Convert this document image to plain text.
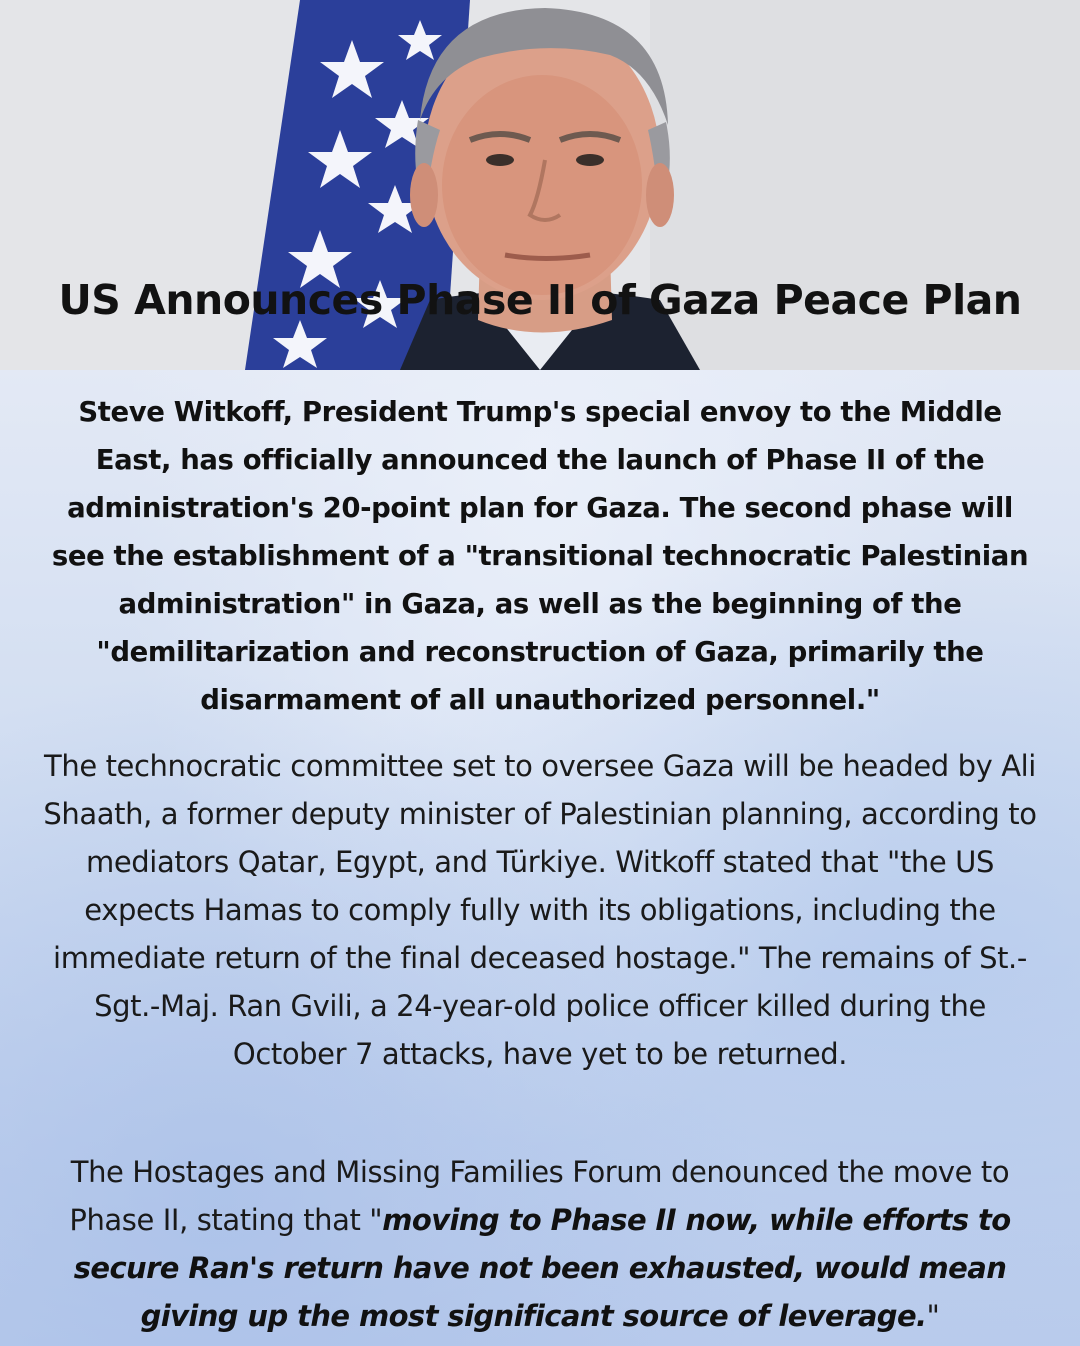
US Announces Phase II of Gaza Peace Plan
Steve Witkoff, President Trump's special envoy to the Middle East, has officially announced the launch of Phase II of the administration's 20-point plan for Gaza. The second phase will see the establishment of a "transitional technocratic Palestinian administration" in Gaza, as well as the beginning of the "demilitarization and reconstruction of Gaza, primarily the disarmament of all unauthorized personnel."
The technocratic committee set to oversee Gaza will be headed by Ali Shaath, a former deputy minister of Palestinian planning, according to mediators Qatar, Egypt, and Türkiye. Witkoff stated that "the US expects Hamas to comply fully with its obligations, including the immediate return of the final deceased hostage." The remains of St.-Sgt.-Maj. Ran Gvili, a 24-year-old police officer killed during the October 7 attacks, have yet to be returned.
The Hostages and Missing Families Forum denounced the move to Phase II, stating that "moving to Phase II now, while efforts to secure Ran's return have not been exhausted, would mean giving up the most significant source of leverage."
